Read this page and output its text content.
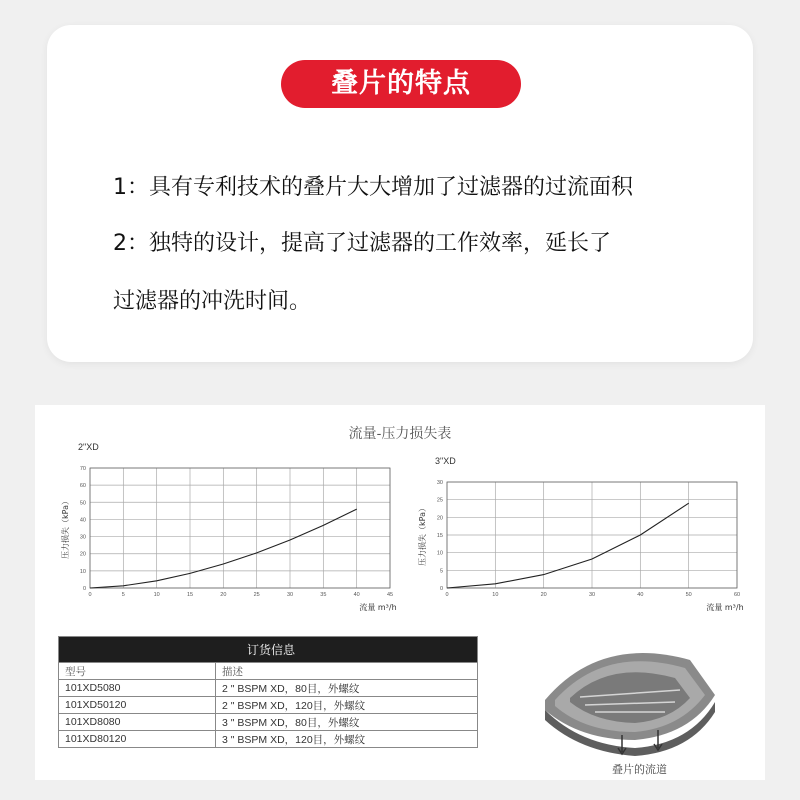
叠片的特点
1：具有专利技术的叠片大大增加了过滤器的过流面积
2：独特的设计，提高了过滤器的工作效率，延长了
过滤器的冲洗时间。
流量-压力损失表
2"XD
0	5	10	15	20	25	30	35	40	45
0
10
20
30
40
50
60
70
压力损失（kPa）
流量 m³/h
3"XD
0	10	20	30	40	50	60
0
5
10
15
20
25
30
压力损失（kPa）
流量 m³/h
订货信息	
型号	描述
101XD5080	2 " BSPM XD，80目，外螺纹
101XD50120	2 " BSPM XD，120目，外螺纹
101XD8080	3 " BSPM XD，80目，外螺纹
101XD80120	3 " BSPM XD，120目，外螺纹
叠片的流道
